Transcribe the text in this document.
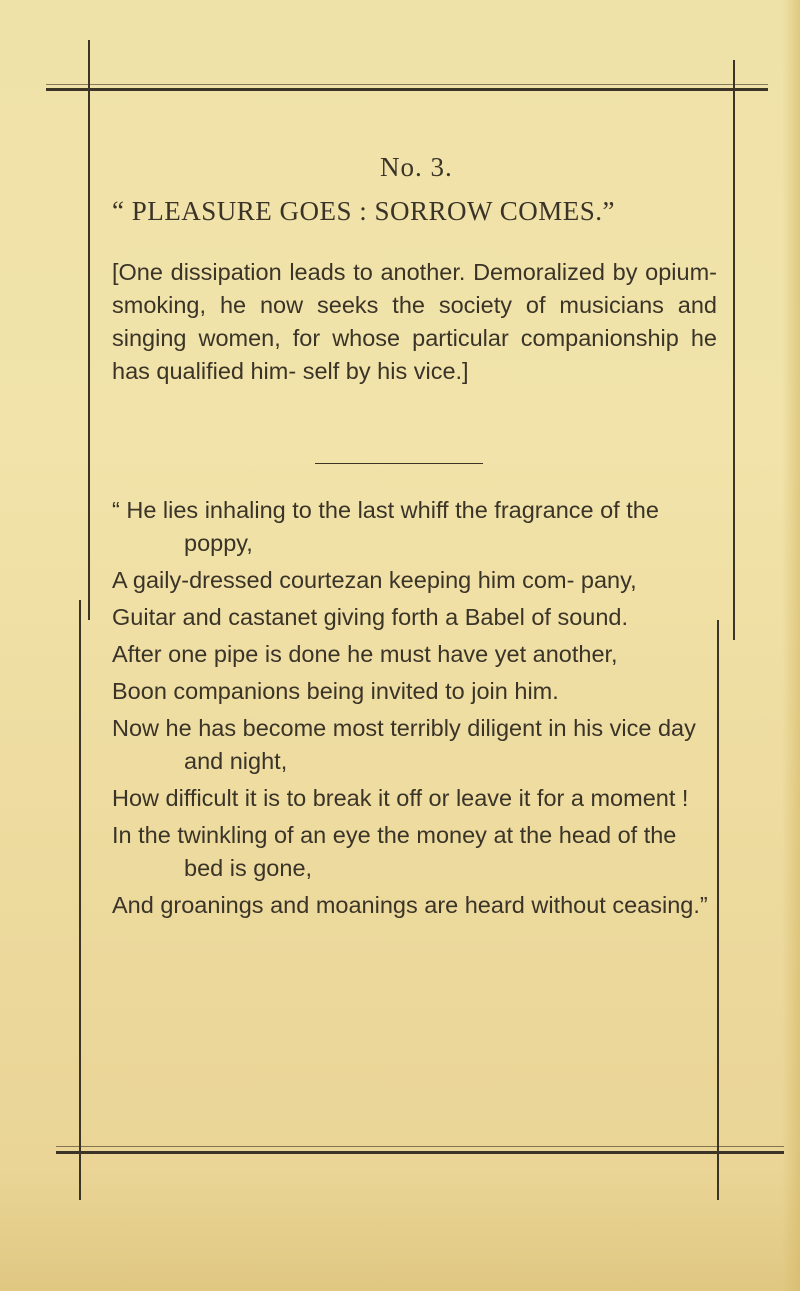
No. 3.

“ PLEASURE GOES : SORROW COMES.”

[One dissipation leads to another. Demoralized by opium-smoking, he now seeks the society of musicians and singing women, for whose particular companionship he has qualified him- self by his vice.]

“ He lies inhaling to the last whiff the fragrance of the poppy,
A gaily-dressed courtezan keeping him com- pany,
Guitar and castanet giving forth a Babel of sound.
After one pipe is done he must have yet another,
Boon companions being invited to join him.
Now he has become most terribly diligent in his vice day and night,
How difficult it is to break it off or leave it for a moment !
In the twinkling of an eye the money at the head of the bed is gone,
And groanings and moanings are heard without ceasing.”
